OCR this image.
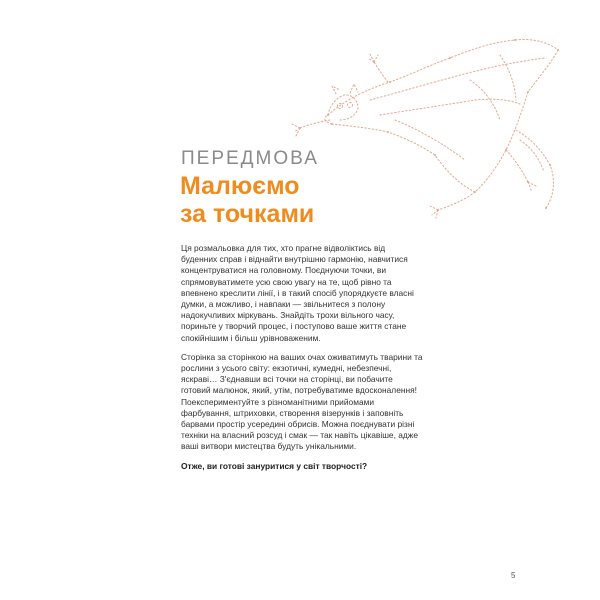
ПЕРЕДМОВА
Малюємо
за точками

Ця розмальовка для тих, хто прагне відволіктись від буденних справ і віднайти внутрішню гармонію, навчитися концентруватися на головному. Поєднуючи точки, ви спрямовуватимете усю свою увагу на те, щоб рівно та впевнено креслити лінії, і в такий спосіб упорядкуєте власні думки, а можливо, і навпаки — звільнитеся з полону надокучливих міркувань. Знайдіть трохи вільного часу, пориньте у творчий процес, і поступово ваше життя стане спокійнішим і більш урівноваженим.

Сторінка за сторінкою на ваших очах оживатимуть тварини та рослини з усього світу: екзотичні, кумедні, небезпечні, яскраві… З'єднавши всі точки на сторінці, ви побачите готовий малюнок, який, утім, потребуватиме вдосконалення! Поекспериментуйте з різноманітними прийомами фарбування, штриховки, створення візерунків і заповніть барвами простір усередині обрисів. Можна поєднувати різні техніки на власний розсуд і смак — так навіть цікавіше, адже ваші витвори мистецтва будуть унікальними.

Отже, ви готові зануритися у світ творчості?

5
